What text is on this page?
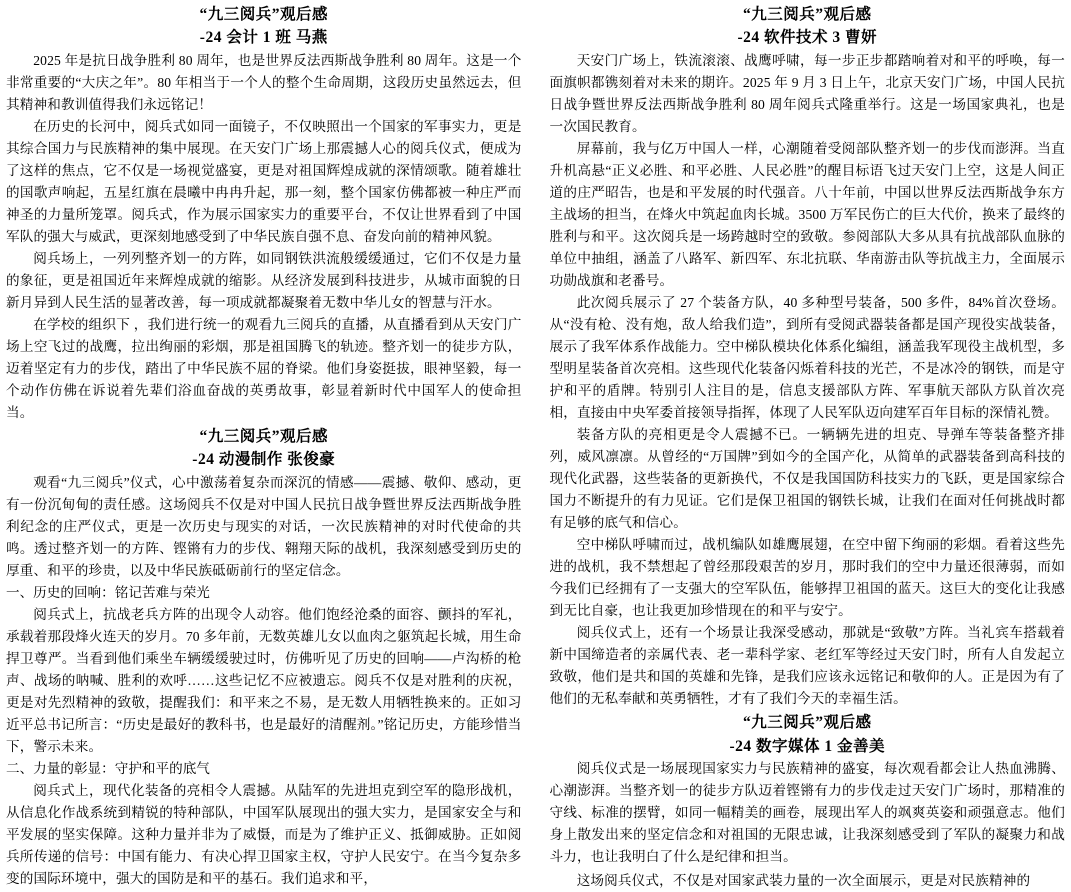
“九三阅兵”观后感
-24 会计 1 班 马燕

2025 年是抗日战争胜利 80 周年，也是世界反法西斯战争胜利 80 周年。这是一个非常重要的“大庆之年”。80 年相当于一个人的整个生命周期，这段历史虽然远去，但其精神和教训值得我们永远铭记！

在历史的长河中，阅兵式如同一面镜子，不仅映照出一个国家的军事实力，更是其综合国力与民族精神的集中展现。在天安门广场上那震撼人心的阅兵仪式，便成为了这样的焦点，它不仅是一场视觉盛宴，更是对祖国辉煌成就的深情颂歌。随着雄壮的国歌声响起，五星红旗在晨曦中冉冉升起，那一刻，整个国家仿佛都被一种庄严而神圣的力量所笼罩。阅兵式，作为展示国家实力的重要平台，不仅让世界看到了中国军队的强大与威武，更深刻地感受到了中华民族自强不息、奋发向前的精神风貌。

阅兵场上，一列列整齐划一的方阵，如同钢铁洪流般缓缓通过，它们不仅是力量的象征，更是祖国近年来辉煌成就的缩影。从经济发展到科技进步，从城市面貌的日新月异到人民生活的显著改善，每一项成就都凝聚着无数中华儿女的智慧与汗水。

在学校的组织下 ，我们进行统一的观看九三阅兵的直播，从直播看到从天安门广场上空飞过的战鹰，拉出绚丽的彩烟，那是祖国腾飞的轨迹。整齐划一的徒步方队，迈着坚定有力的步伐，踏出了中华民族不屈的脊梁。他们身姿挺拔，眼神坚毅，每一个动作仿佛在诉说着先辈们浴血奋战的英勇故事，彰显着新时代中国军人的使命担当。

“九三阅兵”观后感
-24 动漫制作 张俊豪

观看“九三阅兵”仪式，心中激荡着复杂而深沉的情感——震撼、敬仰、感动，更有一份沉甸甸的责任感。这场阅兵不仅是对中国人民抗日战争暨世界反法西斯战争胜利纪念的庄严仪式，更是一次历史与现实的对话，一次民族精神的对时代使命的共鸣。透过整齐划一的方阵、铿锵有力的步伐、翱翔天际的战机，我深刻感受到历史的厚重、和平的珍贵，以及中华民族砥砺前行的坚定信念。

一、历史的回响：铭记苦难与荣光

阅兵式上，抗战老兵方阵的出现令人动容。他们饱经沧桑的面容、颤抖的军礼，承载着那段烽火连天的岁月。70 多年前，无数英雄儿女以血肉之躯筑起长城，用生命捍卫尊严。当看到他们乘坐车辆缓缓驶过时，仿佛听见了历史的回响——卢沟桥的枪声、战场的呐喊、胜利的欢呼……这些记忆不应被遗忘。阅兵不仅是对胜利的庆祝，更是对先烈精神的致敬，提醒我们：和平来之不易，是无数人用牺牲换来的。正如习近平总书记所言：“历史是最好的教科书，也是最好的清醒剂。”铭记历史，方能珍惜当下，警示未来。

二、力量的彰显：守护和平的底气

阅兵式上，现代化装备的亮相令人震撼。从陆军的先进坦克到空军的隐形战机，从信息化作战系统到精锐的特种部队，中国军队展现出的强大实力，是国家安全与和平发展的坚实保障。这种力量并非为了威慑，而是为了维护正义、抵御威胁。正如阅兵所传递的信号：中国有能力、有决心捍卫国家主权，守护人民安宁。在当今复杂多变的国际环境中，强大的国防是和平的基石。我们追求和平，

“九三阅兵”观后感
-24 软件技术 3 曹妍

天安门广场上，铁流滚滚、战鹰呼啸，每一步正步都踏响着对和平的呼唤，每一面旗帜都镌刻着对未来的期许。2025 年 9 月 3 日上午，北京天安门广场，中国人民抗日战争暨世界反法西斯战争胜利 80 周年阅兵式隆重举行。这是一场国家典礼，也是一次国民教育。

屏幕前，我与亿万中国人一样，心潮随着受阅部队整齐划一的步伐而澎湃。当直升机高悬“正义必胜、和平必胜、人民必胜”的醒目标语飞过天安门上空，这是人间正道的庄严昭告，也是和平发展的时代强音。八十年前，中国以世界反法西斯战争东方主战场的担当，在烽火中筑起血肉长城。3500 万军民伤亡的巨大代价，换来了最终的胜利与和平。这次阅兵是一场跨越时空的致敬。参阅部队大多从具有抗战部队血脉的单位中抽组，涵盖了八路军、新四军、东北抗联、华南游击队等抗战主力，全面展示功勋战旗和老番号。

此次阅兵展示了 27 个装备方队，40 多种型号装备，500 多件，84%首次登场。从“没有枪、没有炮，敌人给我们造”，到所有受阅武器装备都是国产现役实战装备，展示了我军体系作战能力。空中梯队模块化体系化编组，涵盖我军现役主战机型，多型明星装备首次亮相。这些现代化装备闪烁着科技的光芒，不是冰冷的钢铁，而是守护和平的盾牌。特别引人注目的是，信息支援部队方阵、军事航天部队方队首次亮相，直接由中央军委首接领导指挥，体现了人民军队迈向建军百年目标的深情礼赞。

装备方队的亮相更是令人震撼不已。一辆辆先进的坦克、导弹车等装备整齐排列，威风凛凛。从曾经的“万国牌”到如今的全国产化，从简单的武器装备到高科技的现代化武器，这些装备的更新换代，不仅是我国国防科技实力的飞跃，更是国家综合国力不断提升的有力见证。它们是保卫祖国的钢铁长城，让我们在面对任何挑战时都有足够的底气和信心。

空中梯队呼啸而过，战机编队如雄鹰展翅，在空中留下绚丽的彩烟。看着这些先进的战机，我不禁想起了曾经那段艰苦的岁月，那时我们的空中力量还很薄弱，而如今我们已经拥有了一支强大的空军队伍，能够捍卫祖国的蓝天。这巨大的变化让我感到无比自豪，也让我更加珍惜现在的和平与安宁。

阅兵仪式上，还有一个场景让我深受感动，那就是“致敬”方阵。当礼宾车搭载着新中国缔造者的亲属代表、老一辈科学家、老红军等经过天安门时，所有人自发起立致敬，他们是共和国的英雄和先锋，是我们应该永远铭记和敬仰的人。正是因为有了他们的无私奉献和英勇牺牲，才有了我们今天的幸福生活。

“九三阅兵”观后感
-24 数字媒体 1 金善美

阅兵仪式是一场展现国家实力与民族精神的盛宴，每次观看都会让人热血沸腾、心潮澎湃。当整齐划一的徒步方队迈着铿锵有力的步伐走过天安门广场时，那精准的守线、标准的摆臂，如同一幅精美的画卷，展现出军人的飒爽英姿和顽强意志。他们身上散发出来的坚定信念和对祖国的无限忠诚，让我深刻感受到了军队的凝聚力和战斗力，也让我明白了什么是纪律和担当。

这场阅兵仪式，不仅是对国家武装力量的一次全面展示，更是对民族精神的
